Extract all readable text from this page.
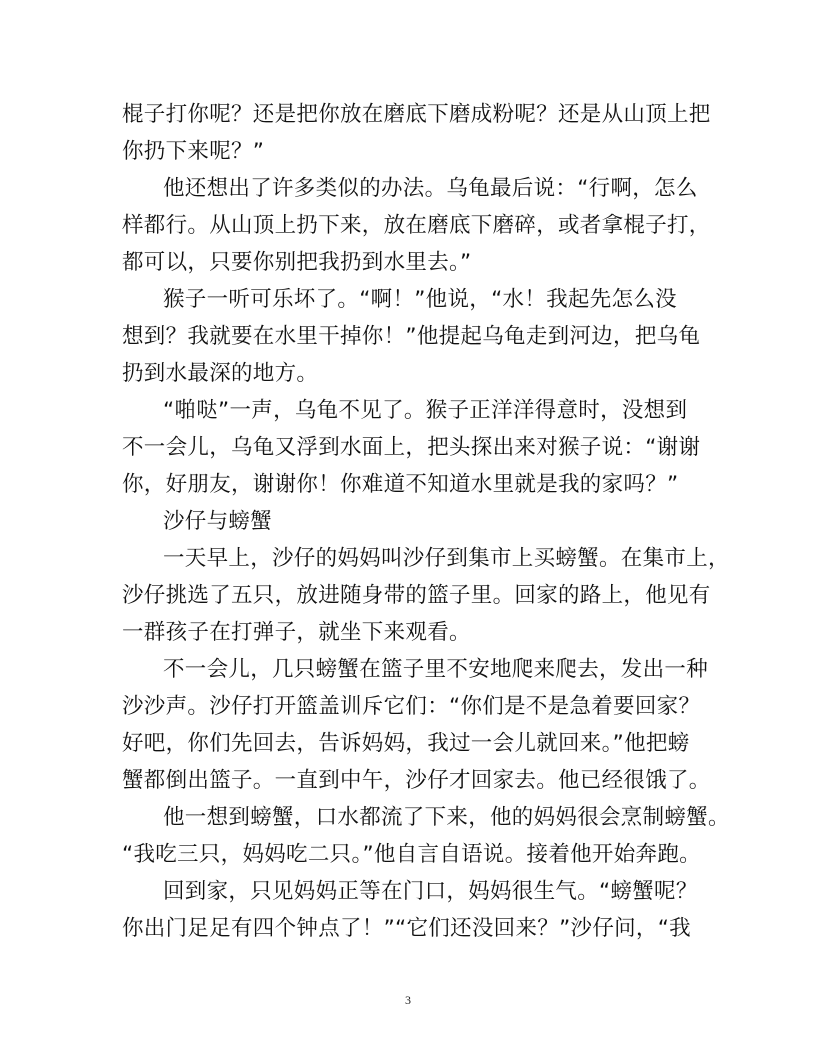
棍子打你呢？还是把你放在磨底下磨成粉呢？还是从山顶上把
你扔下来呢？”
他还想出了许多类似的办法。乌龟最后说：“行啊，怎么
样都行。从山顶上扔下来，放在磨底下磨碎，或者拿棍子打，
都可以，只要你别把我扔到水里去。”
猴子一听可乐坏了。“啊！”他说，“水！我起先怎么没
想到？我就要在水里干掉你！”他提起乌龟走到河边，把乌龟
扔到水最深的地方。
“啪哒”一声，乌龟不见了。猴子正洋洋得意时，没想到
不一会儿，乌龟又浮到水面上，把头探出来对猴子说：“谢谢
你，好朋友，谢谢你！你难道不知道水里就是我的家吗？”
沙仔与螃蟹
一天早上，沙仔的妈妈叫沙仔到集市上买螃蟹。在集市上，
沙仔挑选了五只，放进随身带的篮子里。回家的路上，他见有
一群孩子在打弹子，就坐下来观看。
不一会儿，几只螃蟹在篮子里不安地爬来爬去，发出一种
沙沙声。沙仔打开篮盖训斥它们：“你们是不是急着要回家？
好吧，你们先回去，告诉妈妈，我过一会儿就回来。”他把螃
蟹都倒出篮子。一直到中午，沙仔才回家去。他已经很饿了。
他一想到螃蟹，口水都流了下来，他的妈妈很会烹制螃蟹。
“我吃三只，妈妈吃二只。”他自言自语说。接着他开始奔跑。
回到家，只见妈妈正等在门口，妈妈很生气。“螃蟹呢？
你出门足足有四个钟点了！”“它们还没回来？”沙仔问，“我
3
